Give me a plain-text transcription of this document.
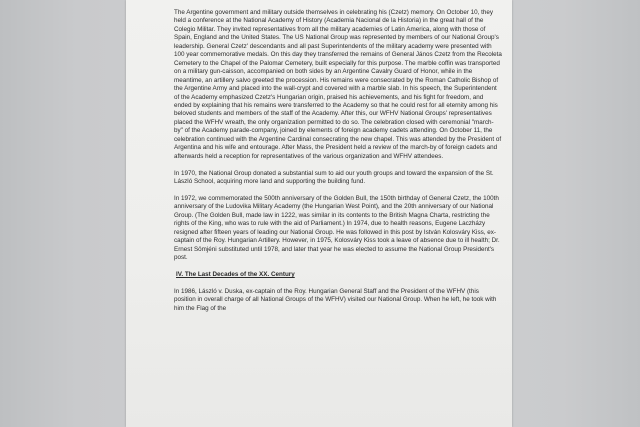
The Argentine government and military outside themselves in celebrating his (Czetz) memory. On October 10, they held a conference at the National Academy of History (Academia Nacional de la Historia) in the great hall of the Colegio Militar. They invited representatives from all the military academies of Latin America, along with those of Spain, England and the United States. The US National Group was represented by members of our National Group's leadership. General Czetz' descendants and all past Superintendents of the military academy were presented with 100 year commemorative medals. On this day they transferred the remains of General János Czetz from the Recoleta Cemetery to the Chapel of the Palomar Cemetery, built especially for this purpose. The marble coffin was transported on a military gun-caisson, accompanied on both sides by an Argentine Cavalry Guard of Honor, while in the meantime, an artillery salvo greeted the procession. His remains were consecrated by the Roman Catholic Bishop of the Argentine Army and placed into the wall-crypt and covered with a marble slab. In his speech, the Superintendent of the Academy emphasized Czetz's Hungarian origin, praised his achievements, and his fight for freedom, and ended by explaining that his remains were transferred to the Academy so that he could rest for all eternity among his beloved students and members of the staff of the Academy. After this, our WFHV National Groups' representatives placed the WFHV wreath, the only organization permitted to do so. The celebration closed with ceremonial "march-by" of the Academy parade-company, joined by elements of foreign academy cadets attending. On October 11, the celebration continued with the Argentine Cardinal consecrating the new chapel. This was attended by the President of Argentina and his wife and entourage. After Mass, the President held a review of the march-by of foreign cadets and afterwards held a reception for representatives of the various organization and WFHV attendees.

In 1970, the National Group donated a substantial sum to aid our youth groups and toward the expansion of the St. László School, acquiring more land and supporting the building fund.

In 1972, we commemorated the 500th anniversary of the Golden Bull, the 150th birthday of General Czetz, the 100th anniversary of the Ludovika Military Academy (the Hungarian West Point), and the 20th anniversary of our National Group. (The Golden Bull, made law in 1222, was similar in its contents to the British Magna Charta, restricting the rights of the King, who was to rule with the aid of Parliament.) In 1974, due to health reasons, Eugene Laczházy resigned after fifteen years of leading our National Group. He was followed in this post by István Kolosváry Kiss, ex-captain of the Roy. Hungarian Artillery. However, in 1975, Kolosváry Kiss took a leave of absence due to ill health; Dr. Ernest Sömjéni substituted until 1978, and later that year he was elected to assume the National Group President's post.

IV. The Last Decades of the XX. Century

In 1986, László v. Duska, ex-captain of the Roy. Hungarian General Staff and the President of the WFHV (this position in overall charge of all National Groups of the WFHV) visited our National Group. When he left, he took with him the Flag of the
